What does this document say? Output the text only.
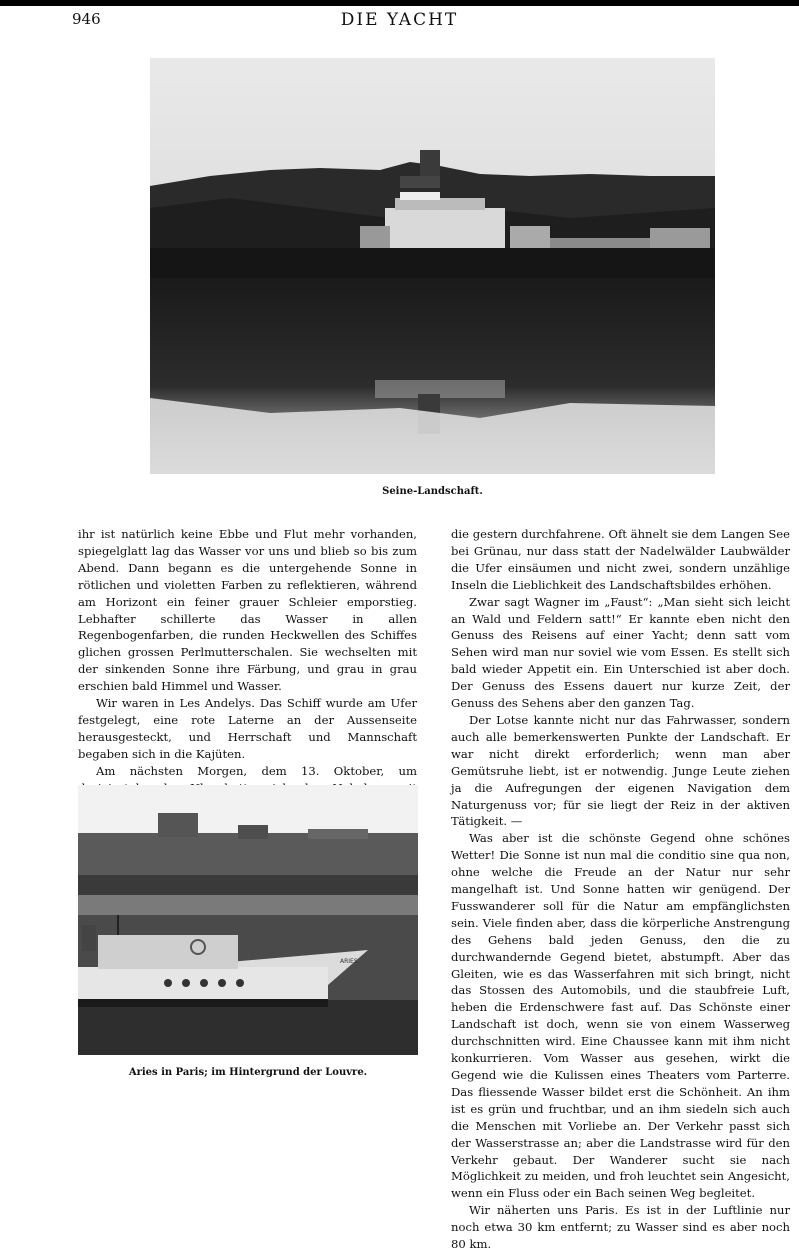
946	DIE YACHT
Seine-Landschaft.

ihr ist natürlich keine Ebbe und Flut mehr vorhanden, spiegelglatt lag das Wasser vor uns und blieb so bis zum Abend. Dann begann es die untergehende Sonne in rötlichen und violetten Farben zu reflektieren, während am Horizont ein feiner grauer Schleier emporstieg. Lebhafter schillerte das Wasser in allen Regenbogenfarben, die runden Heckwellen des Schiffes glichen grossen Perlmutterschalen. Sie wechselten mit der sinkenden Sonne ihre Färbung, und grau in grau erschien bald Himmel und Wasser.

Wir waren in Les Andelys. Das Schiff wurde am Ufer festgelegt, eine rote Laterne an der Aussenseite herausgesteckt, und Herrschaft und Mannschaft begaben sich in die Kajüten.

Am nächsten Morgen, dem 13. Oktober, um

ARIES
Aries in Paris; im Hintergrund der Louvre.

die gestern durchfahrene. Oft ähnelt sie dem Langen See bei Grünau, nur dass statt der Nadelwälder Laubwälder die Ufer einsäumen und nicht zwei, sondern unzählige Inseln die Lieblichkeit des Landschaftsbildes erhöhen.

Zwar sagt Wagner im „Faust“: „Man sieht sich leicht an Wald und Feldern satt!“ Er kannte eben nicht den Genuss des Reisens auf einer Yacht; denn satt vom Sehen wird man nur soviel wie vom Essen. Es stellt sich bald wieder Appetit ein. Ein Unterschied ist aber doch. Der Genuss des Essens dauert nur kurze Zeit, der Genuss des Sehens aber den ganzen Tag.

Der Lotse kannte nicht nur das Fahrwasser, sondern auch alle bemerkenswerten Punkte der Landschaft. Er war nicht direkt erforderlich; wenn man aber Gemütsruhe liebt, ist er notwendig. Junge Leute ziehen ja die Aufregungen der eigenen Navigation dem Naturgenuss vor; für sie liegt der Reiz in der aktiven Tätigkeit. —

Was aber ist die schönste Gegend ohne schönes Wetter! Die Sonne ist nun mal die conditio sine qua non, ohne welche die Freude an der Natur nur sehr mangelhaft ist. Und Sonne hatten wir genügend. Der Fusswanderer soll für die Natur am empfänglichsten sein. Viele finden aber, dass die körperliche Anstrengung des Gehens bald jeden Genuss, den die zu durchwandernde Gegend bietet, abstumpft. Aber das Gleiten, wie es das Wasserfahren mit sich bringt, nicht das Stossen des Automobils, und die staubfreie Luft, heben die Erdenschwere fast auf. Das Schönste einer Landschaft ist doch, wenn sie von einem Wasserweg durchschnitten wird. Eine Chaussee kann mit ihm nicht konkurrieren. Vom Wasser aus gesehen, wirkt die Gegend wie die Kulissen eines Theaters vom Parterre. Das fliessende Wasser bildet erst die Schönheit. An ihm ist es grün und fruchtbar, und an ihm siedeln sich auch die Menschen mit Vorliebe an. Der Verkehr passt sich der Wasserstrasse an; aber die Landstrasse wird für den Verkehr gebaut. Der Wanderer sucht sie nach Möglichkeit zu meiden, und froh leuchtet sein Angesicht, wenn ein Fluss oder ein Bach seinen Weg begleitet.

Wir näherten uns Paris. Es ist in der Luftlinie nur noch etwa 30 km entfernt; zu Wasser sind es aber noch 80 km.
